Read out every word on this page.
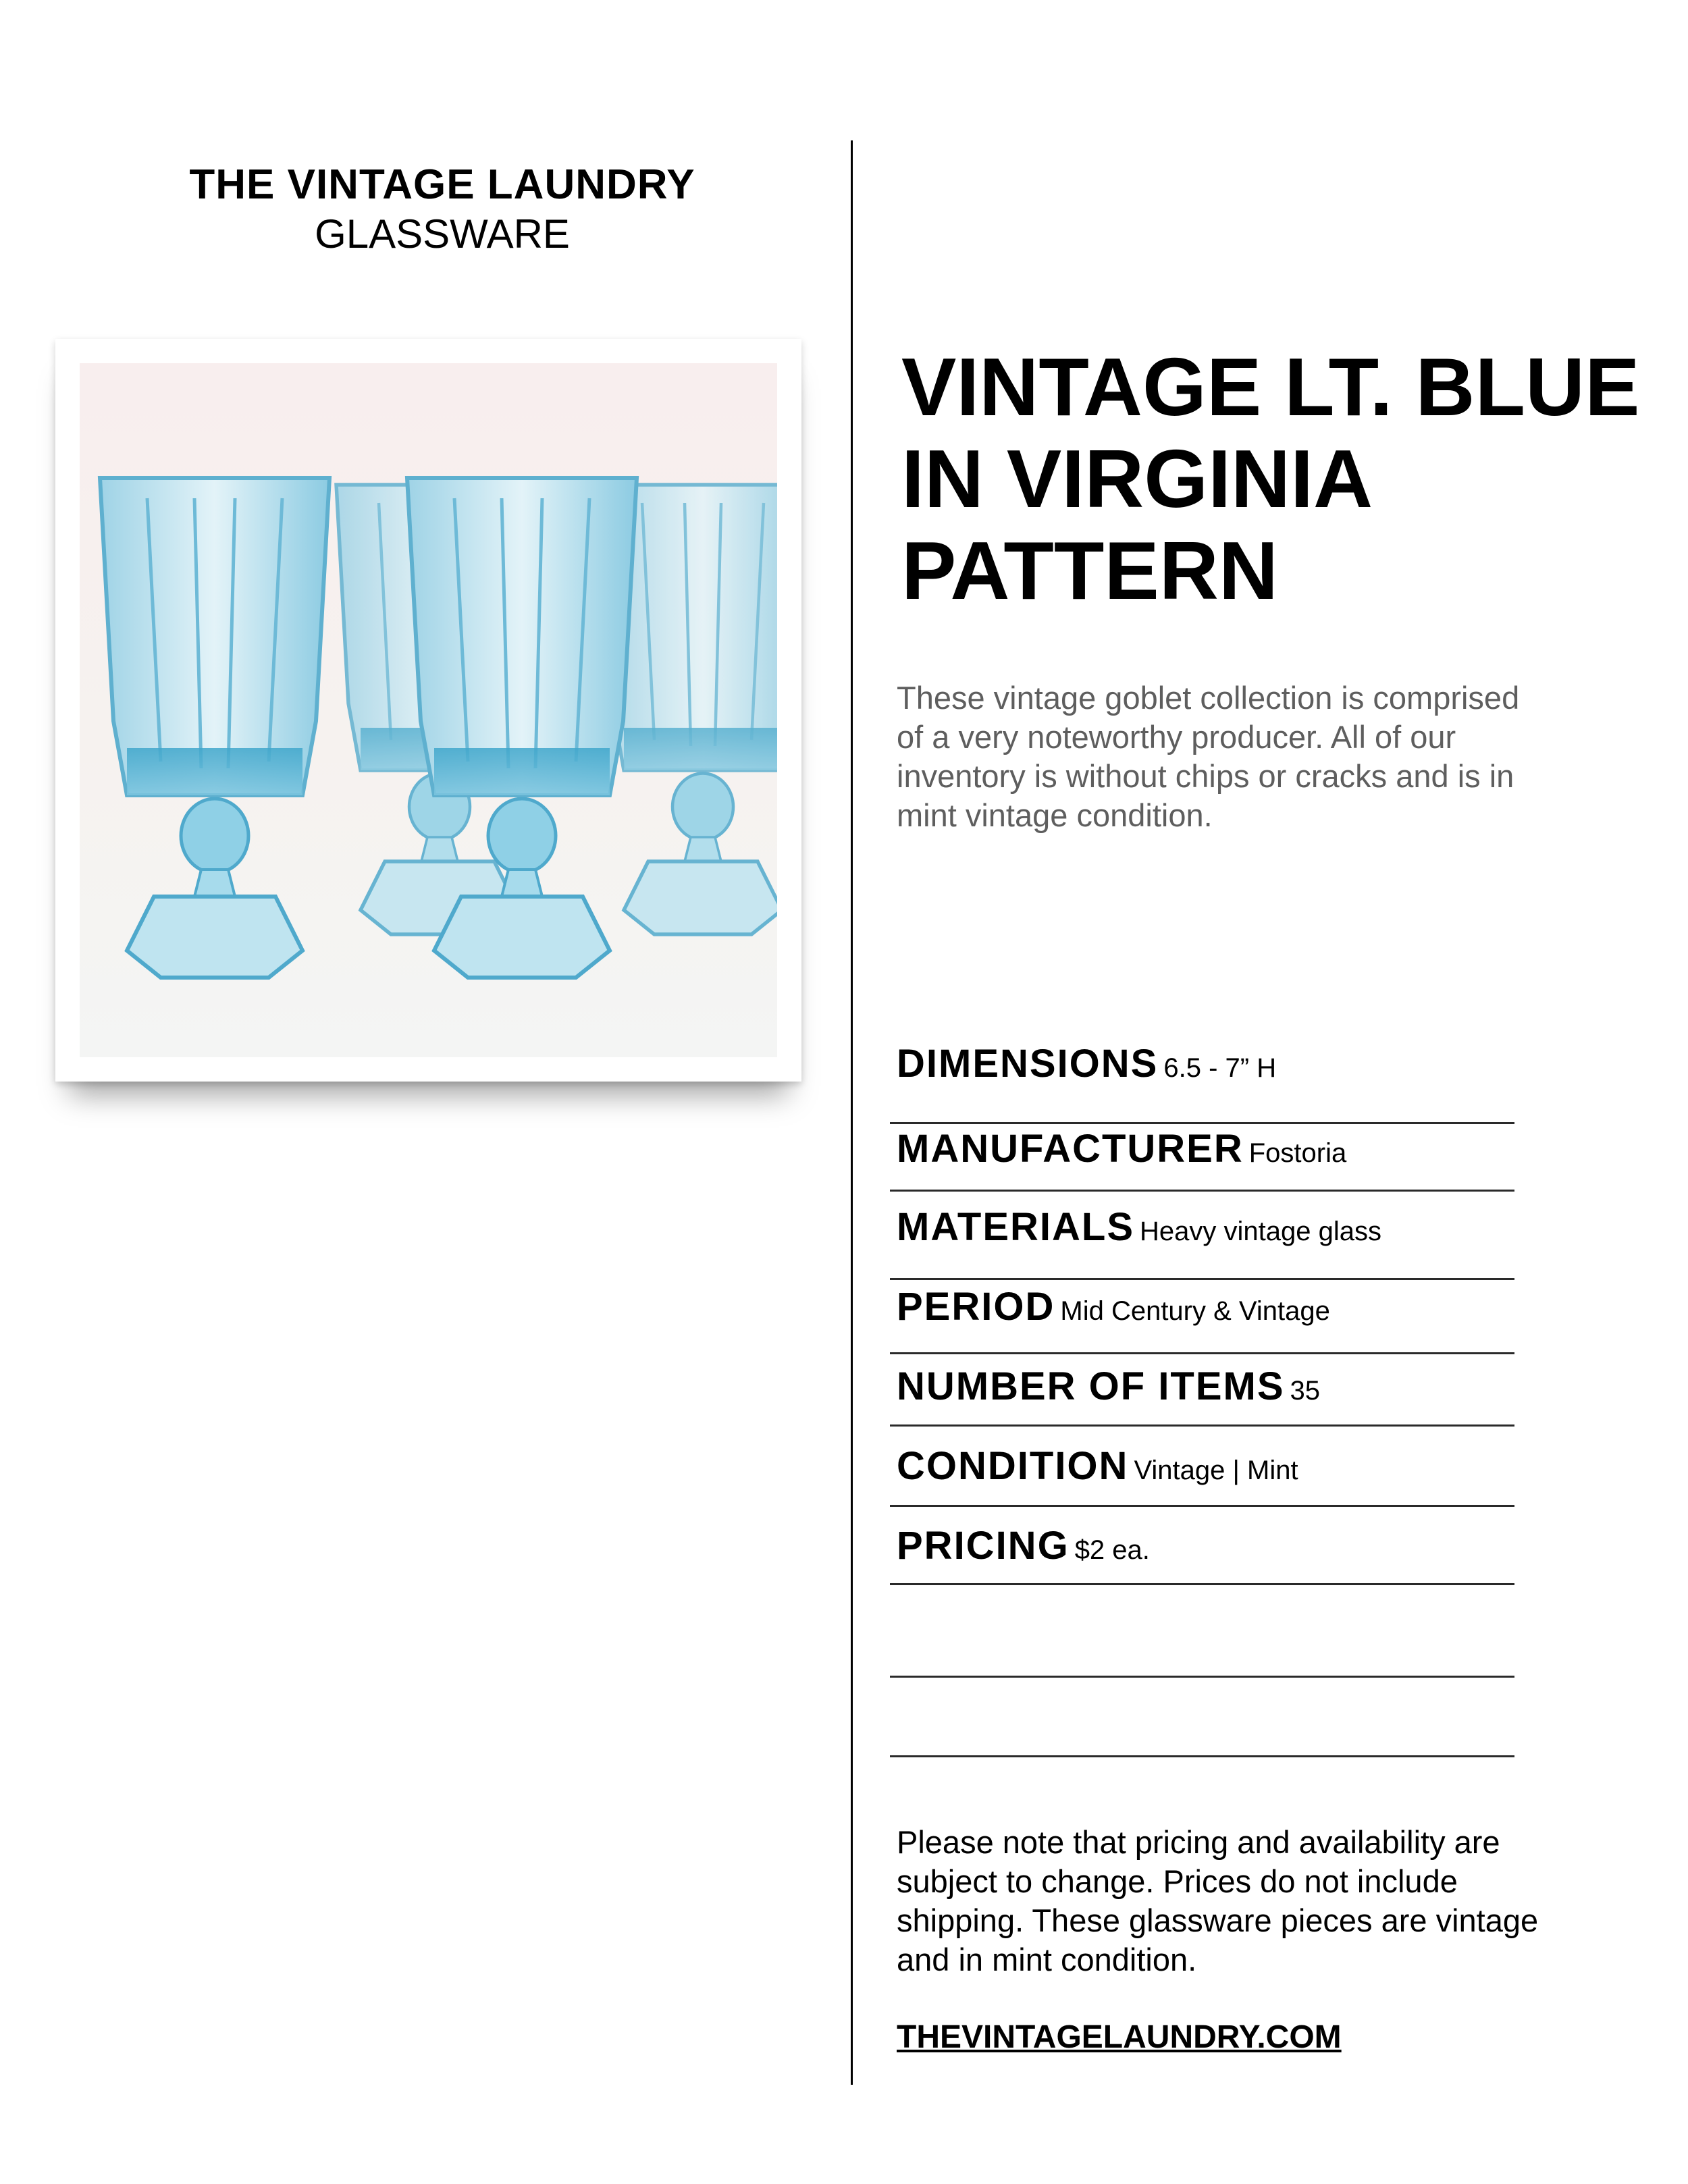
THE VINTAGE LAUNDRY
GLASSWARE
VINTAGE LT. BLUE IN VIRGINIA PATTERN

These vintage goblet collection is comprised of a very noteworthy producer. All of our inventory is without chips or cracks and is in mint vintage condition.

DIMENSIONS 6.5 - 7” H
MANUFACTURER Fostoria
MATERIALS Heavy vintage glass
PERIOD Mid Century & Vintage
NUMBER OF ITEMS 35
CONDITION Vintage | Mint
PRICING $2 ea.

Please note that pricing and availability are subject to change. Prices do not include shipping. These glassware pieces are vintage and in mint condition.

THEVINTAGELAUNDRY.COM
